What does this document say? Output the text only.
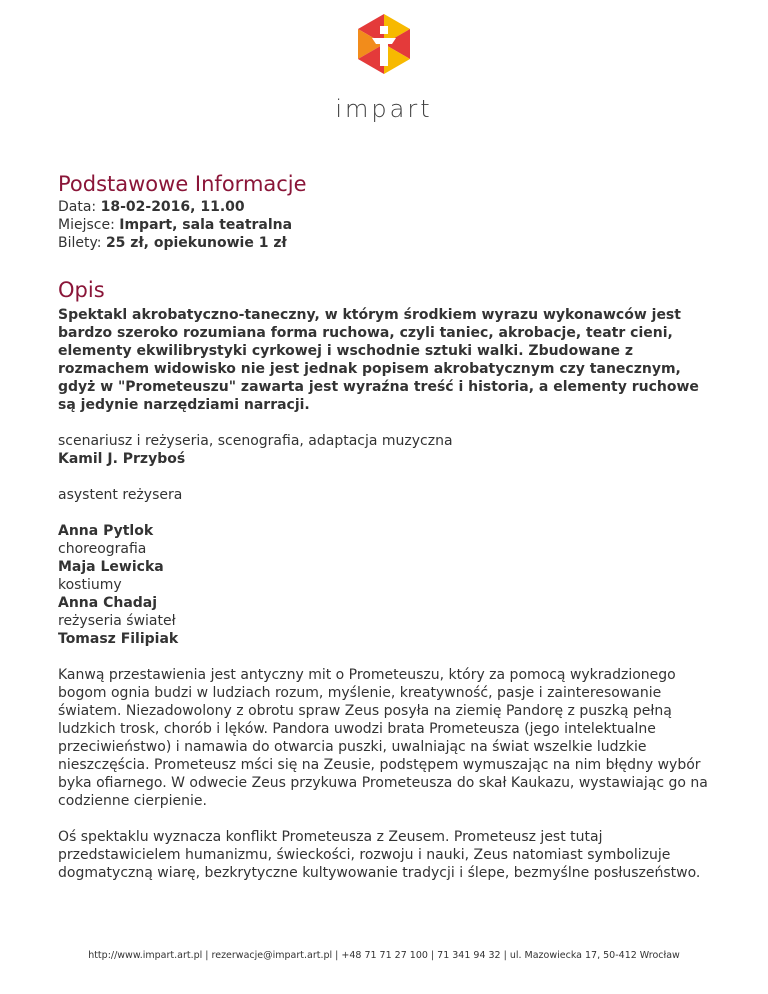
impart
Podstawowe Informacje

Data: 18-02-2016, 11.00

Miejsce: Impart, sala teatralna

Bilety: 25 zł, opiekunowie 1 zł

Opis

Spektakl akrobatyczno-taneczny, w którym środkiem wyrazu wykonawców jest bardzo szeroko rozumiana forma ruchowa, czyli taniec, akrobacje, teatr cieni, elementy ekwilibrystyki cyrkowej i wschodnie sztuki walki. Zbudowane z rozmachem widowisko nie jest jednak popisem akrobatycznym czy tanecznym, gdyż w "Prometeuszu" zawarta jest wyraźna treść i historia, a elementy ruchowe są jedynie narzędziami narracji.

scenariusz i reżyseria, scenografia, adaptacja muzyczna
Kamil J. Przyboś
asystent reżysera
Anna Pytlok
choreografia
Maja Lewicka
kostiumy
Anna Chadaj
reżyseria świateł
Tomasz Filipiak

Kanwą przestawienia jest antyczny mit o Prometeuszu, który za pomocą wykradzionego bogom ognia budzi w ludziach rozum, myślenie, kreatywność, pasje i zainteresowanie światem. Niezadowolony z obrotu spraw Zeus posyła na ziemię Pandorę z puszką pełną ludzkich trosk, chorób i lęków. Pandora uwodzi brata Prometeusza (jego intelektualne przeciwieństwo) i namawia do otwarcia puszki, uwalniając na świat wszelkie ludzkie nieszczęścia. Prometeusz mści się na Zeusie, podstępem wymuszając na nim błędny wybór byka ofiarnego. W odwecie Zeus przykuwa Prometeusza do skał Kaukazu, wystawiając go na codzienne cierpienie.

Oś spektaklu wyznacza konflikt Prometeusza z Zeusem. Prometeusz jest tutaj przedstawicielem humanizmu, świeckości, rozwoju i nauki, Zeus natomiast symbolizuje dogmatyczną wiarę, bezkrytyczne kultywowanie tradycji i ślepe, bezmyślne posłuszeństwo.

http://www.impart.art.pl | rezerwacje@impart.art.pl | +48 71 71 27 100 | 71 341 94 32 | ul. Mazowiecka 17, 50-412 Wrocław
